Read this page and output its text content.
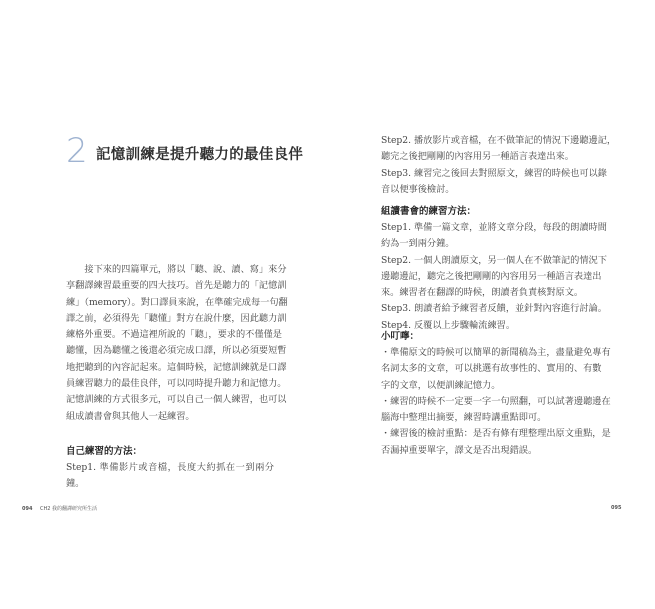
2 記憶訓練是提升聽力的最佳良伴
接下來的四篇單元，將以「聽、說、讀、寫」來分
享翻譯練習最重要的四大技巧。首先是聽力的「記憶訓
練」（memory）。對口譯員來說，在準確完成每一句翻
譯之前，必須得先「聽懂」對方在說什麼，因此聽力訓
練格外重要。不過這裡所說的「聽」，要求的不僅僅是
聽懂，因為聽懂之後還必須完成口譯，所以必須要短暫
地把聽到的內容記起來。這個時候，記憶訓練就是口譯
員練習聽力的最佳良伴，可以同時提升聽力和記憶力。
記憶訓練的方式很多元，可以自己一個人練習，也可以
組成讀書會與其他人一起練習。

自己練習的方法：

Step1. 準備影片或音檔，長度大約抓在一到兩分鐘。

Step2. 播放影片或音檔，在不做筆記的情況下邊聽邊記，
聽完之後把剛剛的內容用另一種語言表達出來。
Step3. 練習完之後回去對照原文，練習的時候也可以錄
音以便事後檢討。

組讀書會的練習方法：

Step1. 準備一篇文章，並將文章分段，每段的朗讀時間
約為一到兩分鐘。
Step2. 一個人朗讀原文，另一個人在不做筆記的情況下
邊聽邊記，聽完之後把剛剛的內容用另一種語言表達出
來。練習者在翻譯的時候，朗讀者負責核對原文。
Step3. 朗讀者給予練習者反饋，並針對內容進行討論。
Step4. 反覆以上步驟輪流練習。

小叮嚀：

・準備原文的時候可以簡單的新聞稿為主，盡量避免專有
名詞太多的文章，可以挑選有故事性的、實用的、有數
字的文章，以便訓練記憶力。
・練習的時候不一定要一字一句照翻，可以試著邊聽邊在
腦海中整理出摘要，練習時講重點即可。
・練習後的檢討重點：是否有條有理整理出原文重點，是
否漏掉重要單字，譯文是否出現錯誤。
094 CH2 我的翻譯研究所生活	095
